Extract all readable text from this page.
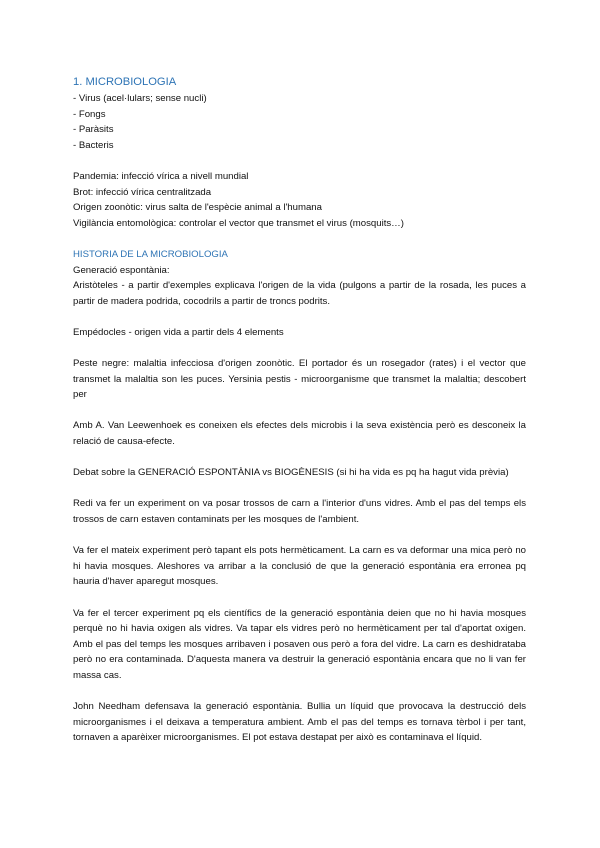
1. MICROBIOLOGIA
- Virus (acel·lulars; sense nucli)
- Fongs
- Paràsits
- Bacteris

Pandemia: infecció vírica a nivell mundial

Brot: infecció vírica centralitzada

Origen zoonòtic: virus salta de l'espècie animal a l'humana

Vigilància entomològica: controlar el vector que transmet el virus (mosquits…)

HISTORIA DE LA MICROBIOLOGIA

Generació espontània:

Aristòteles - a partir d'exemples explicava l'origen de la vida (pulgons a partir de la rosada, les puces a partir de madera podrida, cocodrils a partir de troncs podrits.

Empédocles - origen vida a partir dels 4 elements

Peste negre: malaltia infecciosa d'origen zoonòtic. El portador és un rosegador (rates) i el vector que transmet la malaltia son les puces. Yersinia pestis - microorganisme que transmet la malaltia; descobert per

Amb A. Van Leewenhoek es coneixen els efectes dels microbis i la seva existència però es desconeix la relació de causa-efecte.

Debat sobre la GENERACIÓ ESPONTÀNIA vs BIOGÈNESIS (si hi ha vida es pq ha hagut vida prèvia)

Redi va fer un experiment on va posar trossos de carn a l'interior d'uns vidres. Amb el pas del temps els trossos de carn estaven contaminats per les mosques de l'ambient.

Va fer el mateix experiment però tapant els pots hermèticament. La carn es va deformar una mica però no hi havia mosques. Aleshores va arribar a la conclusió de que la generació espontània era erronea pq hauria d'haver aparegut mosques.

Va fer el tercer experiment pq els científics de la generació espontània deien que no hi havia mosques perquè no hi havia oxigen als vidres. Va tapar els vidres però no hermèticament per tal d'aportat oxigen. Amb el pas del temps les mosques arribaven i posaven ous però a fora del vidre. La carn es deshidrataba però no era contaminada. D'aquesta manera va destruir la generació espontània encara que no li van fer massa cas.

John Needham defensava la generació espontània. Bullia un líquid que provocava la destrucció dels microorganismes i el deixava a temperatura ambient. Amb el pas del temps es tornava tèrbol i per tant, tornaven a aparèixer microorganismes. El pot estava destapat per això es contaminava el líquid.
